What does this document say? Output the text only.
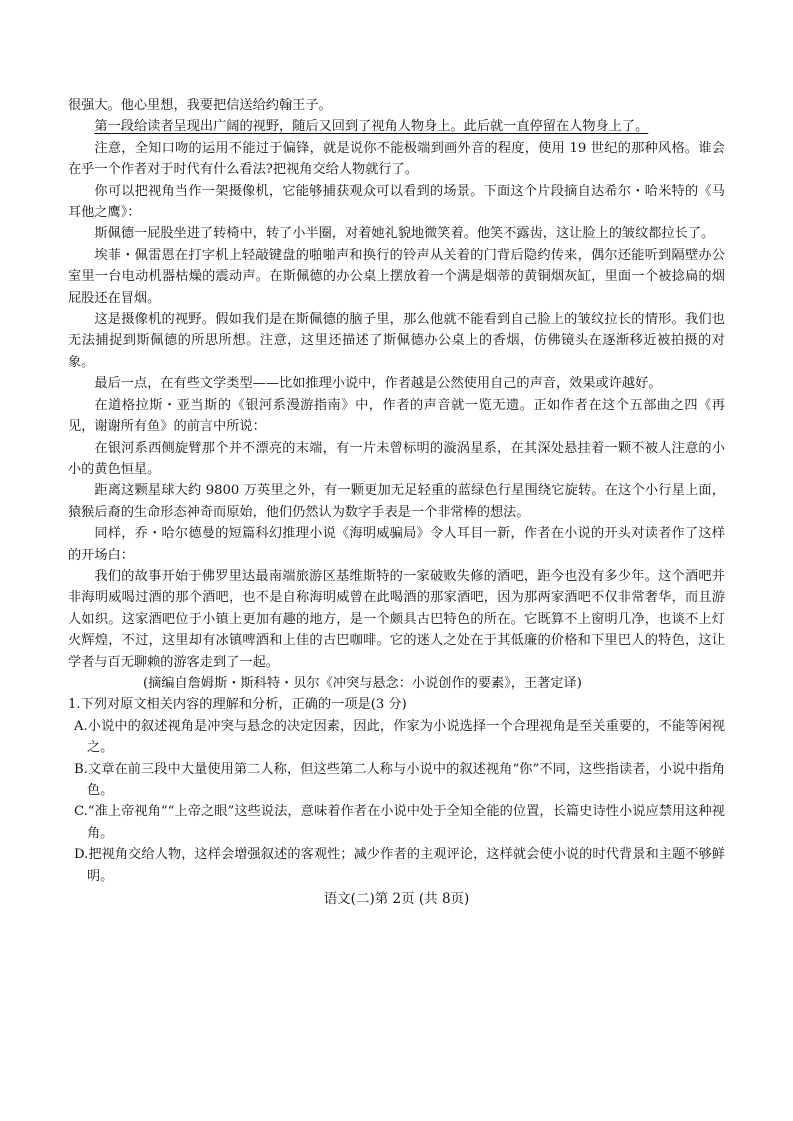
很强大。他心里想，我要把信送给约翰王子。

第一段给读者呈现出广阔的视野，随后又回到了视角人物身上。此后就一直停留在人物身上了。

注意，全知口吻的运用不能过于偏锋，就是说你不能极端到画外音的程度，使用 19 世纪的那种风格。谁会在乎一个作者对于时代有什么看法?把视角交给人物就行了。

你可以把视角当作一架摄像机，它能够捕获观众可以看到的场景。下面这个片段摘自达希尔・哈米特的《马耳他之鹰》：

斯佩德一屁股坐进了转椅中，转了小半圈，对着她礼貌地微笑着。他笑不露齿，这让脸上的皱纹都拉长了。

埃菲・佩雷恩在打字机上轻敲键盘的啪啪声和换行的铃声从关着的门背后隐约传来，偶尔还能听到隔壁办公室里一台电动机器枯燥的震动声。在斯佩德的办公桌上摆放着一个满是烟蒂的黄铜烟灰缸，里面一个被捻扁的烟屁股还在冒烟。

这是摄像机的视野。假如我们是在斯佩德的脑子里，那么他就不能看到自己脸上的皱纹拉长的情形。我们也无法捕捉到斯佩德的所思所想。注意，这里还描述了斯佩德办公桌上的香烟，仿佛镜头在逐渐移近被拍摄的对象。

最后一点，在有些文学类型——比如推理小说中，作者越是公然使用自己的声音，效果或许越好。

在道格拉斯・亚当斯的《银河系漫游指南》中，作者的声音就一览无遗。正如作者在这个五部曲之四《再见，谢谢所有鱼》的前言中所说：

在银河系西侧旋臂那个并不漂亮的末端，有一片未曾标明的漩涡星系，在其深处悬挂着一颗不被人注意的小小的黄色恒星。

距离这颗星球大约 9800 万英里之外，有一颗更加无足轻重的蓝绿色行星围绕它旋转。在这个小行星上面，猿猴后裔的生命形态神奇而原始，他们仍然认为数字手表是一个非常棒的想法。

同样，乔・哈尔德曼的短篇科幻推理小说《海明威骗局》令人耳目一新，作者在小说的开头对读者作了这样的开场白：

我们的故事开始于佛罗里达最南端旅游区基维斯特的一家破败失修的酒吧，距今也没有多少年。这个酒吧并非海明威喝过酒的那个酒吧，也不是自称海明威曾在此喝酒的那家酒吧，因为那两家酒吧不仅非常奢华，而且游人如织。这家酒吧位于小镇上更加有趣的地方，是一个颇具古巴特色的所在。它既算不上窗明几净，也谈不上灯火辉煌，不过，这里却有冰镇啤酒和上佳的古巴咖啡。它的迷人之处在于其低廉的价格和下里巴人的特色，这让学者与百无聊赖的游客走到了一起。

(摘编自詹姆斯・斯科特・贝尔《冲突与悬念：小说创作的要素》，王著定译)

1.下列对原文相关内容的理解和分析，正确的一项是(3 分)

A.小说中的叙述视角是冲突与悬念的决定因素，因此，作家为小说选择一个合理视角是至关重要的，不能等闲视之。

B.文章在前三段中大量使用第二人称，但这些第二人称与小说中的叙述视角“你”不同，这些指读者，小说中指角色。

C.“准上帝视角”“上帝之眼”这些说法，意味着作者在小说中处于全知全能的位置，长篇史诗性小说应禁用这种视角。

D.把视角交给人物，这样会增强叙述的客观性；减少作者的主观评论，这样就会使小说的时代背景和主题不够鲜明。

语文(二)第 2页 (共 8页)
